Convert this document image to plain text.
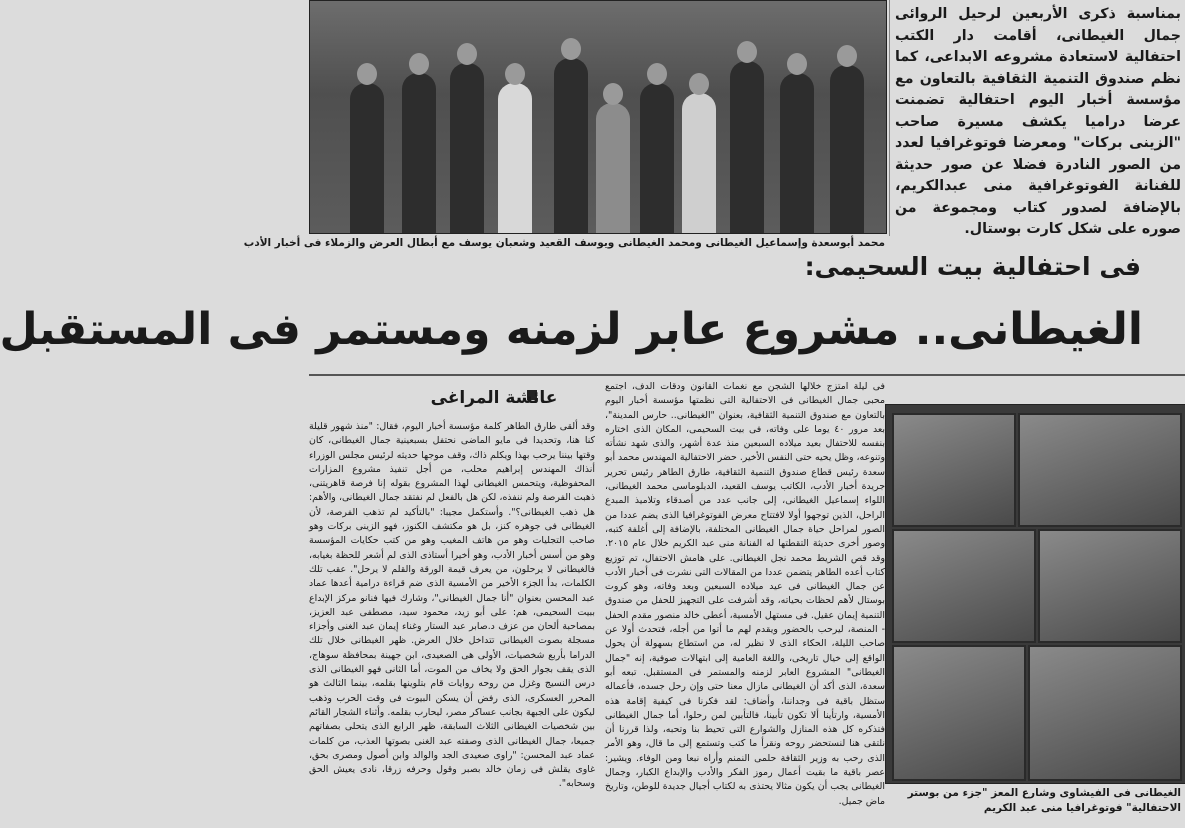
محمد أبوسعدة وإسماعيل الغيطانى ومحمد الغيطانى ويوسف القعيد وشعبان يوسف مع أبطال العرض والزملاء فى أخبار الأدب
بمناسبة ذكرى الأربعين لرحيل الروائى جمال الغيطانى، أقامت دار الكتب احتفالية لاستعادة مشروعه الابداعى، كما نظم صندوق التنمية الثقافية بالتعاون مع مؤسسة أخبار اليوم احتفالية تضمنت عرضا دراميا يكشف مسيرة صاحب "الزينى بركات" ومعرضا فوتوغرافيا لعدد من الصور النادرة فضلا عن صور حديثة للفنانة الفوتوغرافية منى عبدالكريم، بالإضافة لصدور كتاب ومجموعة من صوره على شكل كارت بوستال.
فى احتفالية بيت السحيمى:
الغيطانى.. مشروع عابر لزمنه ومستمر فى المستقبل
عائشة المراغى
فى ليلة امتزج خلالها الشجن مع نغمات القانون ودقات الدف، اجتمع محبى جمال الغيطانى فى الاحتفالية التى نظمتها مؤسسة أخبار اليوم بالتعاون مع صندوق التنمية الثقافية، بعنوان "الغيطانى.. حارس المدينة"، بعد مرور ٤٠ يوما على وفاته، فى بيت السحيمى، المكان الذى اختاره بنفسه للاحتفال بعيد ميلاده السبعين منذ عدة أشهر، والذى شهد نشأته وتنوعه، وظل يحيه حتى النفس الأخير. حضر الاحتفالية المهندس محمد أبو سعدة رئيس قطاع صندوق التنمية الثقافية، طارق الطاهر رئيس تحرير جريدة أخبار الأدب، الكاتب يوسف القعيد، الدبلوماسى محمد الغيطانى، اللواء إسماعيل الغيطانى، إلى جانب عدد من أصدقاء وتلاميذ المبدع الراحل، الذين توجهوا أولا لافتتاح معرض الفوتوغرافيا الذى يضم عددا من الصور لمراحل حياة جمال الغيطانى المختلفة، بالإضافة إلى أغلفة كتبه، وصور أخرى حديثة التقطتها له الفنانة منى عبد الكريم خلال عام ٢٠١٥. وقد قص الشريط محمد نجل الغيطانى. على هامش الاحتفال، تم توزيع كتاب أعده الطاهر يتضمن عددا من المقالات التى نشرت فى أخبار الأدب عن جمال الغيطانى فى عيد ميلاده السبعين وبعد وفاته، وهو كروت بوستال لأهم لحظات بحياته، وقد أشرفت على التجهيز للحفل من صندوق التنمية إيمان عقيل. فى مستهل الأمسية، أعطى خالد منصور مقدم الحفل - المنصة، ليرحب بالحضور ويقدم لهم ما أتوا من أجله، فتحدث أولا عن صاحب الليلة، الحكاء الذى لا نظير له، من استطاع بسهولة أن يحول الواقع إلى خيال تاريخى، واللغة العامية إلى ابتهالات صوفية، إنه "جمال الغيطانى" المشروع العابر لزمنه والمستمر فى المستقبل. تبعه أبو سعدة، الذى أكد أن الغيطانى مازال معنا حتى وإن رحل جسده، فأعماله ستظل باقية فى وجداننا، وأضاف: لقد فكرنا فى كيفية إقامة هذه الأمسية، وارتأينا ألا تكون تأبينا، فالتأبين لمن رحلوا، أما جمال الغيطانى فتذكره كل هذه المنازل والشوارع التى تحيط بنا وتحبه، ولذا قررنا أن نلتقى هنا لنستحضر روحه ونقرأ ما كتب وتستمع إلى ما قال، وهو الأمر الذى رحب به وزير الثقافة حلمى النمنم وأراه نبعا ومن الوفاء. ويشير: عصر باقية ما بقيت أعمال رموز الفكر والأدب والإبداع الكبار، وجمال الغيطانى يجب أن يكون مثالا يحتذى به لكتاب أجيال جديدة للوطن، وتاريخ ماض جميل.
وقد ألقى طارق الطاهر كلمة مؤسسة أخبار اليوم، فقال: "منذ شهور قليلة كنا هنا، وتحديدا فى مايو الماضى نحتفل بسبعينية جمال الغيطانى، كان وقتها بيننا يرحب بهذا ويكلم ذاك، وقف موجها حديثه لرئيس مجلس الوزراء أنذاك المهندس إبراهيم محلب، من أجل تنفيذ مشروع المزارات المحفوظية، ويتحمس الغيطانى لهذا المشروع بقوله إنا فرصة قاهريتنى، ذهبت الفرصة ولم ننفذه، لكن هل بالفعل لم نفتقد جمال الغيطانى، والأهم: هل ذهب الغيطانى؟". وأستكمل مجيبا: "بالتأكيد لم تذهب الفرصة، لأن الغيطانى فى جوهره كنز، بل هو مكتشف الكنوز، فهو الزينى بركات وهو صاحب التجليات وهو من هاتف المغيب وهو من كتب حكايات المؤسسة وهو من أسس أخبار الأدب، وهو أخيرا أستاذى الذى لم أشعر للحظة بغيابه، فالغيطانى لا يرحلون، من يعرف قيمة الورقة والقلم لا يرحل". عقب تلك الكلمات، بدأ الجزء الأخير من الأمسية الذى ضم قراءة درامية أعدها عماد عبد المحسن بعنوان "أنا جمال الغيطانى"، وشارك فيها فنانو مركز الإبداع ببيت السحيمى، هم: على أبو زيد، محمود سيد، مصطفى عبد العزيز، بمصاحبة ألحان من عزف د.صابر عبد الستار وغناء إيمان عبد الغنى وأجزاء مسجلة بصوت الغيطانى تتداخل خلال العرض. ظهر الغيطانى خلال تلك الدراما بأربع شخصيات، الأولى هى الصعيدى، ابن جهينة بمحافظة سوهاج، الذى يقف بجوار الحق ولا يخاف من الموت، أما الثانى فهو الغيطانى الذى درس النسيج وغزل من روحه روايات قام بتلوينها بقلمه، بينما الثالث هو المحرر العسكرى، الذى رفض أن يسكن البيوت فى وقت الحرب وذهب ليكون على الجبهة بجانب عساكر مصر، ليحارب بقلمه. وأثناء الشجار القائم بين شخصيات الغيطانى الثلاث السابقة، ظهر الرابع الذى يتحلى بصفاتهم جميعا، جمال الغيطانى الذى وصفته عبد الغنى بصوتها العذب، من كلمات عماد عبد المحسن: "راوى صعيدى الجد والوالد وابن أصول ومصرى بحق، غاوى يقلش فى زمان خالد بصبر وقول وحرفه زرقا، نادى يعيش الحق وسحابه".
الغيطانى فى الفيشاوى وشارع المعز "جزء من بوستر الاحتفالية" فوتوغرافيا منى عبد الكريم
